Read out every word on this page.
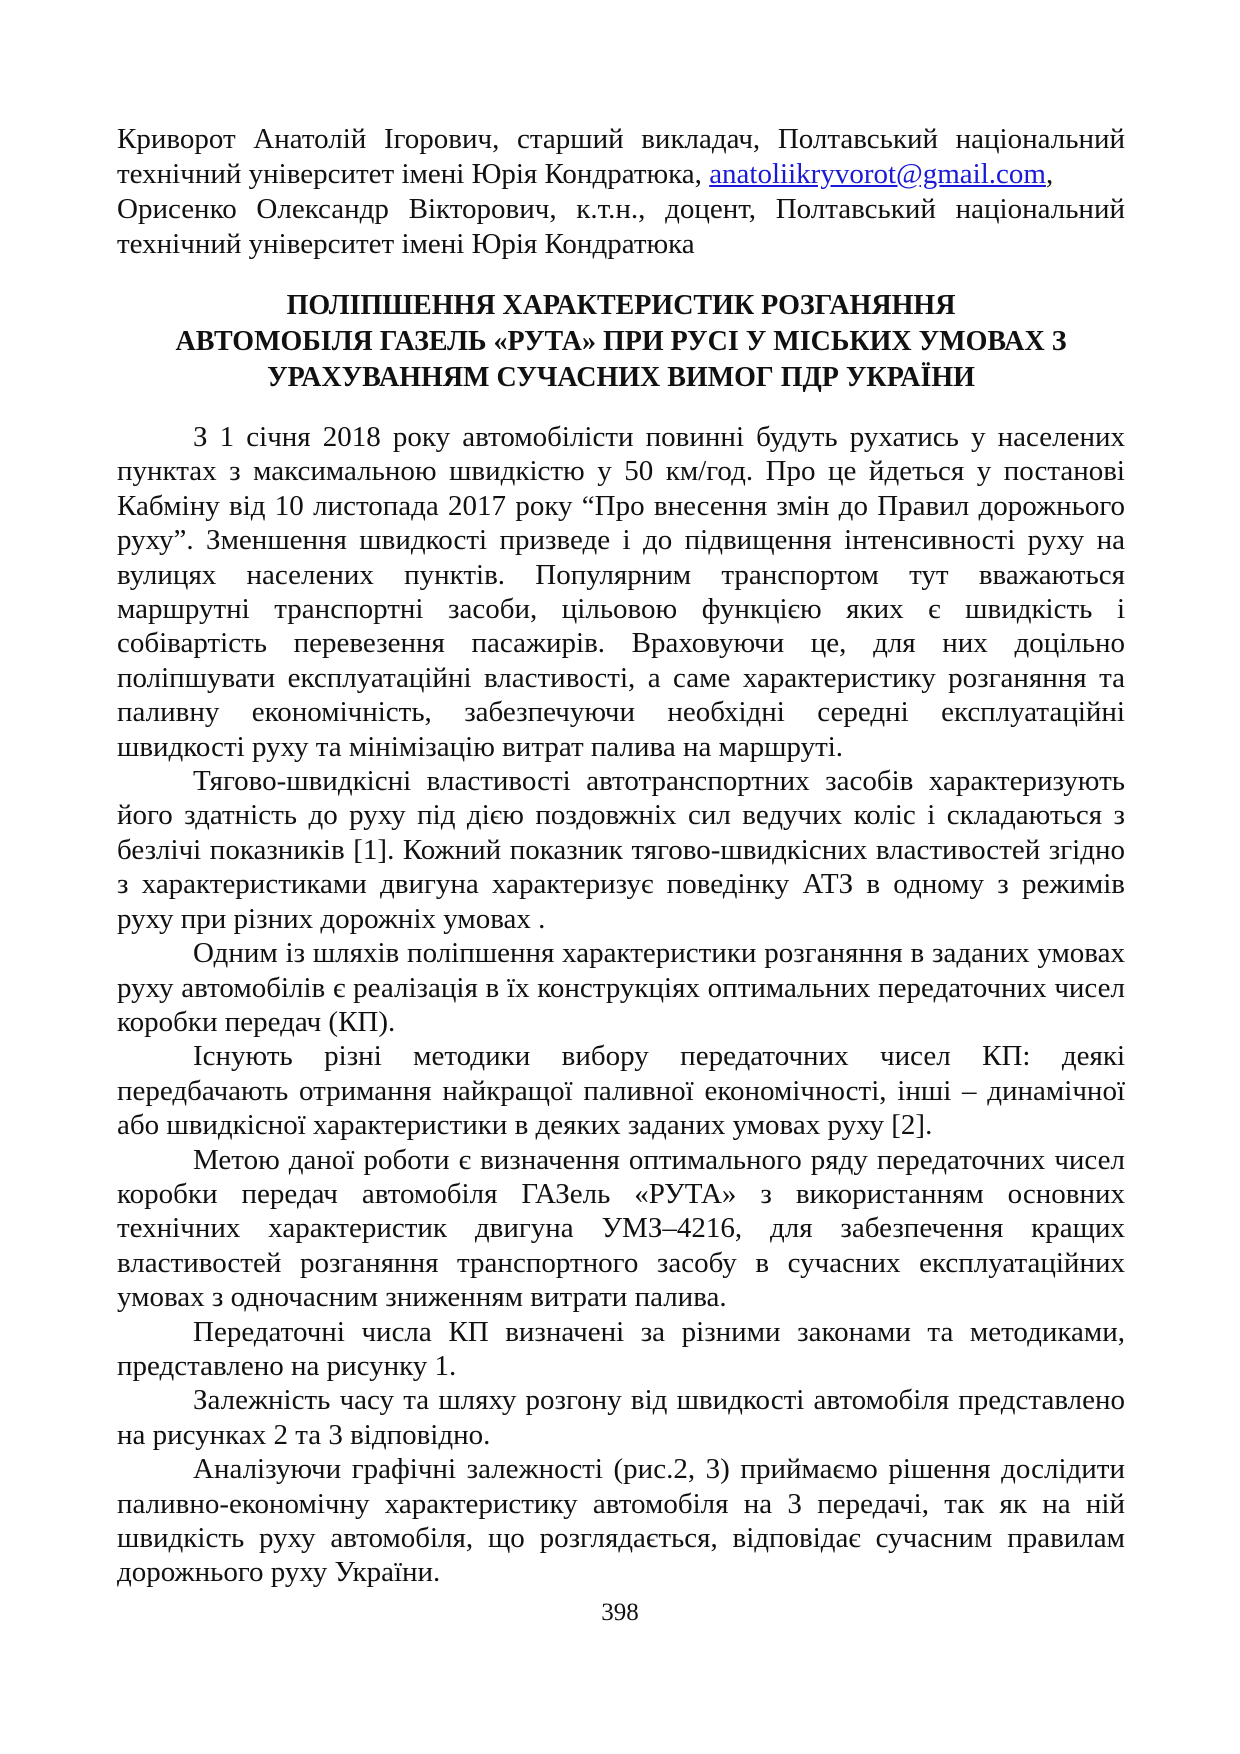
Криворот Анатолій Ігорович, старший викладач, Полтавський національний технічний університет імені Юрія Кондратюка, anatoliikryvorot@gmail.com,

Орисенко Олександр Вікторович, к.т.н., доцент, Полтавський національний технічний університет імені Юрія Кондратюка

ПОЛІПШЕННЯ ХАРАКТЕРИСТИК РОЗГАНЯННЯ
АВТОМОБІЛЯ ГАЗЕЛЬ «РУТА» ПРИ РУСІ У МІСЬКИХ УМОВАХ З
УРАХУВАННЯМ СУЧАСНИХ ВИМОГ ПДР УКРАЇНИ

З 1 січня 2018 року автомобілісти повинні будуть рухатись у населених пунктах з максимальною швидкістю у 50 км/год. Про це йдеться у постанові Кабміну від 10 листопада 2017 року “Про внесення змін до Правил дорожнього руху”. Зменшення швидкості призведе і до підвищення інтенсивності руху на вулицях населених пунктів. Популярним транспортом тут вважаються маршрутні транспортні засоби, цільовою функцією яких є швидкість і собівартість перевезення пасажирів. Враховуючи це, для них доцільно поліпшувати експлуатаційні властивості, а саме характеристику розганяння та паливну економічність, забезпечуючи необхідні середні експлуатаційні швидкості руху та мінімізацію витрат палива на маршруті.

Тягово-швидкісні властивості автотранспортних засобів характеризують його здатність до руху під дією поздовжніх сил ведучих коліс і складаються з безлічі показників [1]. Кожний показник тягово-швидкісних властивостей згідно з характеристиками двигуна характеризує поведінку АТЗ в одному з режимів руху при різних дорожніх умовах .

Одним із шляхів поліпшення характеристики розганяння в заданих умовах руху автомобілів є реалізація в їх конструкціях оптимальних передаточних чисел коробки передач (КП).

Існують різні методики вибору передаточних чисел КП: деякі передбачають отримання найкращої паливної економічності, інші – динамічної або швидкісної характеристики в деяких заданих умовах руху [2].

Метою даної роботи є визначення оптимального ряду передаточних чисел коробки передач автомобіля ГАЗель «РУТА» з використанням основних технічних характеристик двигуна УМЗ–4216, для забезпечення кращих властивостей розганяння транспортного засобу в сучасних експлуатаційних умовах з одночасним зниженням витрати палива.

Передаточні числа КП визначені за різними законами та методиками, представлено на рисунку 1.

Залежність часу та шляху розгону від швидкості автомобіля представлено на рисунках 2 та 3 відповідно.

Аналізуючи графічні залежності (рис.2, 3) приймаємо рішення дослідити паливно-економічну характеристику автомобіля на 3 передачі, так як на ній швидкість руху автомобіля, що розглядається, відповідає сучасним правилам дорожнього руху України.

398
